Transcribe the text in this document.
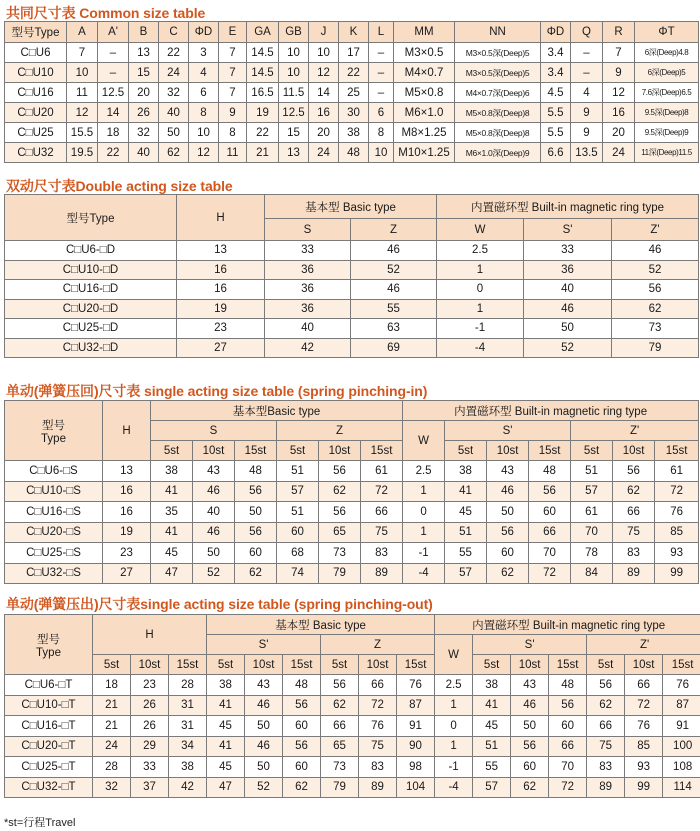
共同尺寸表 Common size table
型号Type	A	A'	B	C	ΦD	E	GA	GB	J	K	L	MM	NN	ΦD	Q	R	ΦT
C□U6	7	–	13	22	3	7	14.5	10	10	17	–	M3×0.5	M3×0.5深(Deep)5	3.4	–	7	6深(Deep)4.8
C□U10	10	–	15	24	4	7	14.5	10	12	22	–	M4×0.7	M3×0.5深(Deep)5	3.4	–	9	6深(Deep)5
C□U16	11	12.5	20	32	6	7	16.5	11.5	14	25	–	M5×0.8	M4×0.7深(Deep)6	4.5	4	12	7.6深(Deep)6.5
C□U20	12	14	26	40	8	9	19	12.5	16	30	6	M6×1.0	M5×0.8深(Deep)8	5.5	9	16	9.5深(Deep)8
C□U25	15.5	18	32	50	10	8	22	15	20	38	8	M8×1.25	M5×0.8深(Deep)8	5.5	9	20	9.5深(Deep)9
C□U32	19.5	22	40	62	12	11	21	13	24	48	10	M10×1.25	M6×1.0深(Deep)9	6.6	13.5	24	11深(Deep)11.5
双动尺寸表Double acting size table
型号Type	H	基本型 Basic type		内置磁环型 Built-in magnetic ring type		
		S	Z	W	S'	Z'
C□U6-□D	13	33	46	2.5	33	46
C□U10-□D	16	36	52	1	36	52
C□U16-□D	16	36	46	0	40	56
C□U20-□D	19	36	55	1	46	62
C□U25-□D	23	40	63	-1	50	73
C□U32-□D	27	42	69	-4	52	79
单动(弹簧压回)尺寸表 single acting size table (spring pinching-in)
型号
Type	H	基本型Basic type						内置磁环型 Built-in magnetic ring type						
		S			Z			W	S'			Z'		
		5st	10st	15st	5st	10st	15st		5st	10st	15st	5st	10st	15st
C□U6-□S	13	38	43	48	51	56	61	2.5	38	43	48	51	56	61
C□U10-□S	16	41	46	56	57	62	72	1	41	46	56	57	62	72
C□U16-□S	16	35	40	50	51	56	66	0	45	50	60	61	66	76
C□U20-□S	19	41	46	56	60	65	75	1	51	56	66	70	75	85
C□U25-□S	23	45	50	60	68	73	83	-1	55	60	70	78	83	93
C□U32-□S	27	47	52	62	74	79	89	-4	57	62	72	84	89	99
单动(弹簧压出)尺寸表single acting size table (spring pinching-out)
型号
Type	H			基本型 Basic type						内置磁环型 Built-in magnetic ring type						
				S'			Z			W	S'			Z'		
	5st	10st	15st	5st	10st	15st	5st	10st	15st		5st	10st	15st	5st	10st	15st
C□U6-□T	18	23	28	38	43	48	56	66	76	2.5	38	43	48	56	66	76
C□U10-□T	21	26	31	41	46	56	62	72	87	1	41	46	56	62	72	87
C□U16-□T	21	26	31	45	50	60	66	76	91	0	45	50	60	66	76	91
C□U20-□T	24	29	34	41	46	56	65	75	90	1	51	56	66	75	85	100
C□U25-□T	28	33	38	45	50	60	73	83	98	-1	55	60	70	83	93	108
C□U32-□T	32	37	42	47	52	62	79	89	104	-4	57	62	72	89	99	114
*st=行程Travel
